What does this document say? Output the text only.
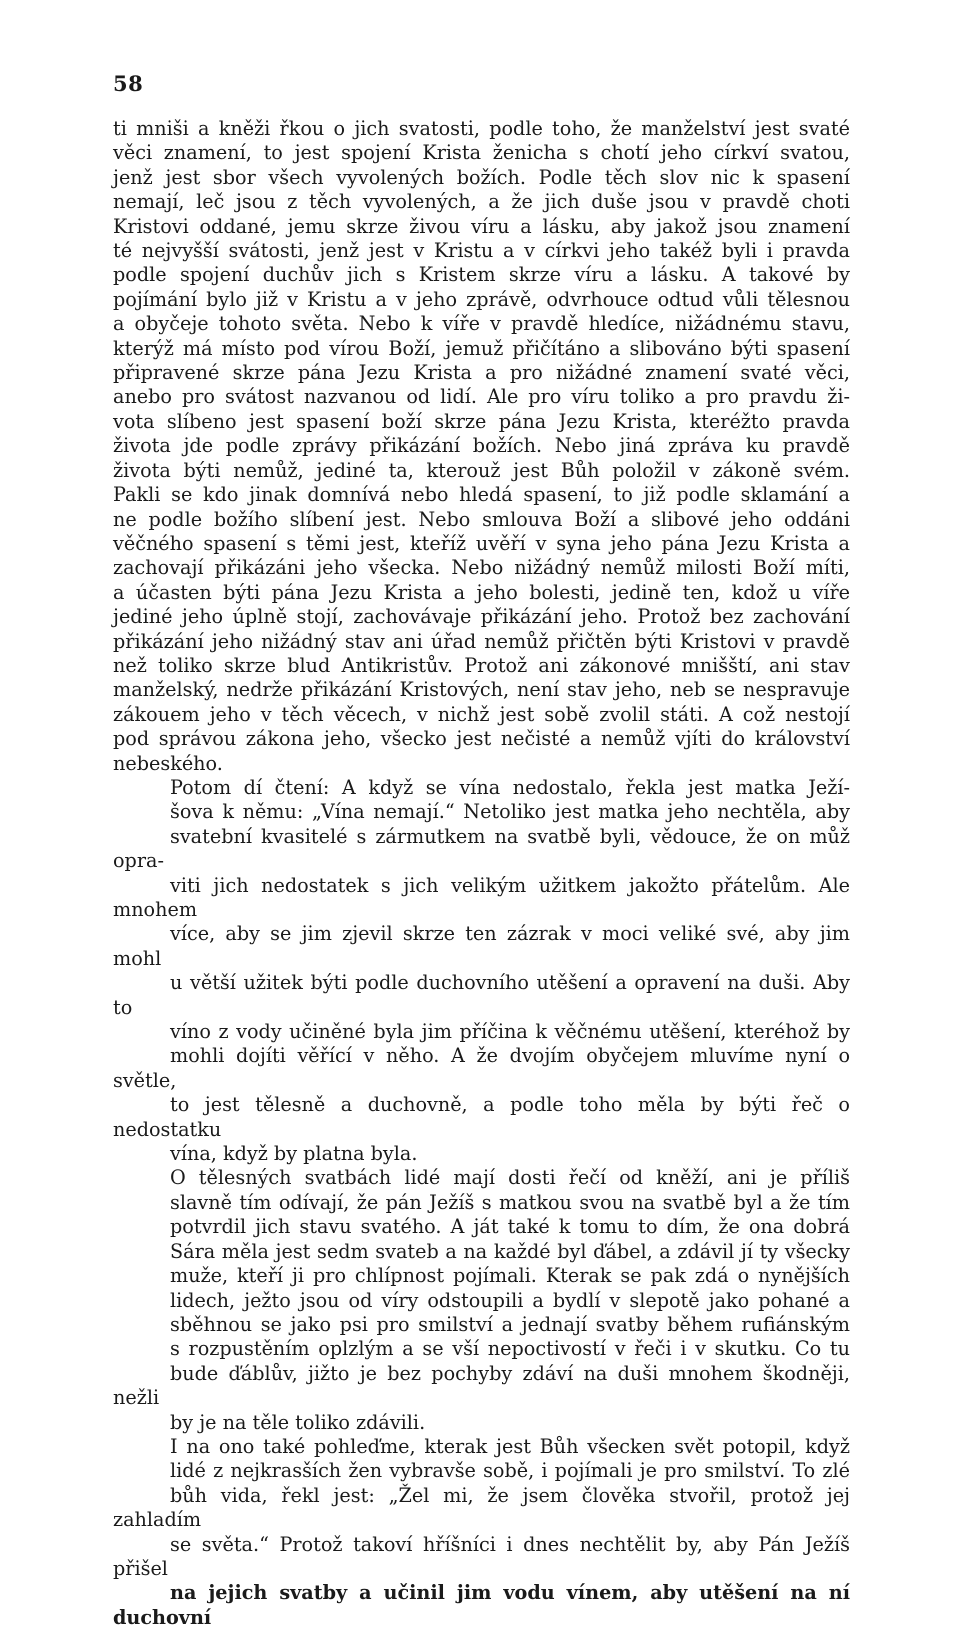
58

ti mniši a kněži řkou o jich svatosti, podle toho, že manželství jest svaté
věci znamení, to jest spojení Krista ženicha s chotí jeho církví svatou,
jenž jest sbor všech vyvolených božích. Podle těch slov nic k spasení
nemají, leč jsou z těch vyvolených, a že jich duše jsou v pravdě choti
Kristovi oddané, jemu skrze živou víru a lásku, aby jakož jsou znamení
té nejvyšší svátosti, jenž jest v Kristu a v církvi jeho takéž byli i pravda
podle spojení duchův jich s Kristem skrze víru a lásku. A takové by
pojímání bylo již v Kristu a v jeho zprávě, odvrhouce odtud vůli tělesnou
a obyčeje tohoto světa. Nebo k víře v pravdě hledíce, nižádnému stavu,
kterýž má místo pod vírou Boží, jemuž přičítáno a slibováno býti spasení
připravené skrze pána Jezu Krista a pro nižádné znamení svaté věci,
anebo pro svátost nazvanou od lidí. Ale pro víru toliko a pro pravdu ži-
vota slíbeno jest spasení boží skrze pána Jezu Krista, kteréžto pravda
života jde podle zprávy přikázání božích. Nebo jiná zpráva ku pravdě
života býti nemůž, jediné ta, kterouž jest Bůh položil v zákoně svém.
Pakli se kdo jinak domnívá nebo hledá spasení, to již podle sklamání a
ne podle božího slíbení jest. Nebo smlouva Boží a slibové jeho oddáni
věčného spasení s těmi jest, kteříž uvěří v syna jeho pána Jezu Krista a
zachovají přikázáni jeho všecka. Nebo nižádný nemůž milosti Boží míti,
a účasten býti pána Jezu Krista a jeho bolesti, jedině ten, kdož u víře
jediné jeho úplně stojí, zachovávaje přikázání jeho. Protož bez zachování
přikázání jeho nižádný stav ani úřad nemůž přičtěn býti Kristovi v pravdě
než toliko skrze blud Antikristův. Protož ani zákonové mnišští, ani stav
manželský, nedrže přikázání Kristových, není stav jeho, neb se nespravuje
zákouem jeho v těch věcech, v nichž jest sobě zvolil státi. A což nestojí
pod správou zákona jeho, všecko jest nečisté a nemůž vjíti do království
nebeského.

Potom dí čtení: A když se vína nedostalo, řekla jest matka Ježí-
šova k němu: „Vína nemají.“ Netoliko jest matka jeho nechtěla, aby
svatební kvasitelé s zármutkem na svatbě byli, vědouce, že on můž opra-
viti jich nedostatek s jich velikým užitkem jakožto přátelům. Ale mnohem
více, aby se jim zjevil skrze ten zázrak v moci veliké své, aby jim mohl
u větší užitek býti podle duchovního utěšení a opravení na duši. Aby to
víno z vody učiněné byla jim příčina k věčnému utěšení, kteréhož by
mohli dojíti věřící v něho. A že dvojím obyčejem mluvíme nyní o světle,
to jest tělesně a duchovně, a podle toho měla by býti řeč o nedostatku
vína, když by platna byla.

O tělesných svatbách lidé mají dosti řečí od kněží, ani je příliš
slavně tím odívají, že pán Ježíš s matkou svou na svatbě byl a že tím
potvrdil jich stavu svatého. A ját také k tomu to dím, že ona dobrá
Sára měla jest sedm svateb a na každé byl ďábel, a zdávil jí ty všecky
muže, kteří ji pro chlípnost pojímali. Kterak se pak zdá o nynějších
lidech, ježto jsou od víry odstoupili a bydlí v slepotě jako pohané a
sběhnou se jako psi pro smilství a jednají svatby během rufiánským
s rozpustěním oplzlým a se vší nepoctivostí v řeči i v skutku. Co tu
bude ďáblův, jižto je bez pochyby zdáví na duši mnohem škodněji, nežli
by je na těle toliko zdávili.

I na ono také pohleďme, kterak jest Bůh všecken svět potopil, když
lidé z nejkrasších žen vybravše sobě, i pojímali je pro smilství. To zlé
bůh vida, řekl jest: „Žel mi, že jsem člověka stvořil, protož jej zahladím
se světa.“ Protož takoví hříšníci i dnes nechtělit by, aby Pán Ježíš přišel
na jejich svatby a učinil jim vodu vínem, aby utěšení na ní duchovní
